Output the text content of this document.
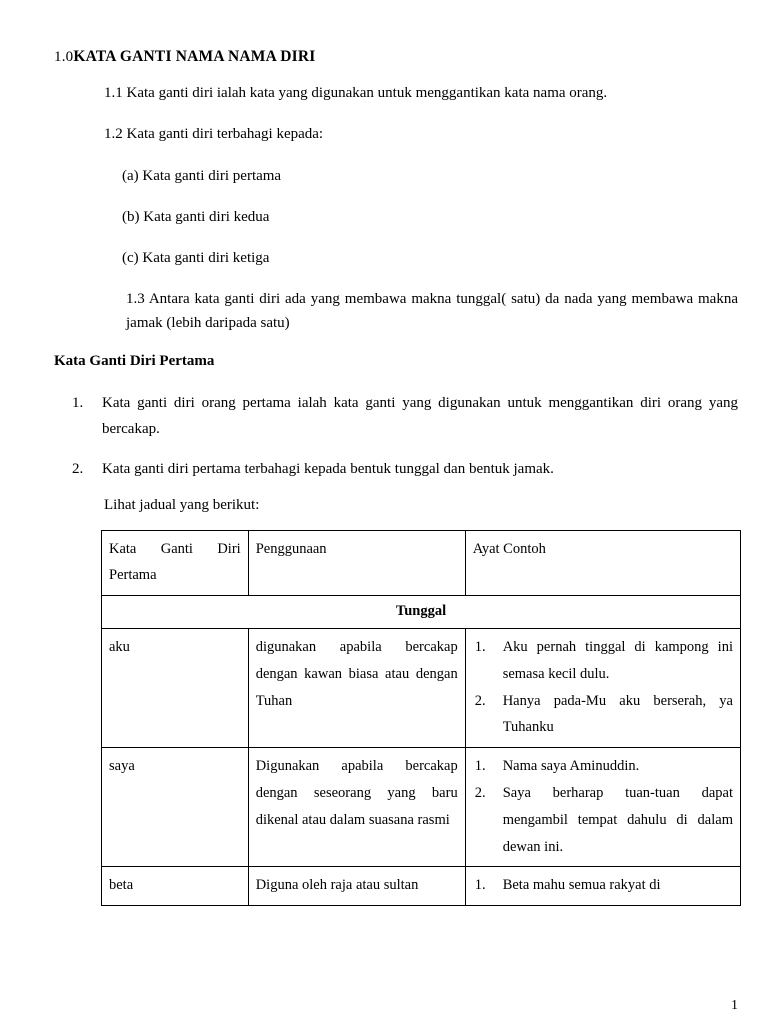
1.0KATA GANTI NAMA NAMA DIRI

1.1 Kata ganti diri ialah kata yang digunakan untuk menggantikan kata nama orang.

1.2 Kata ganti diri terbahagi kepada:

(a) Kata ganti diri pertama

(b) Kata ganti diri kedua

(c) Kata ganti diri ketiga

1.3 Antara kata ganti diri ada yang membawa makna tunggal( satu) da nada yang membawa makna jamak (lebih daripada satu)

Kata Ganti Diri Pertama
1. Kata ganti diri orang pertama ialah kata ganti yang digunakan untuk menggantikan diri orang yang bercakap.
2. Kata ganti diri pertama terbahagi kepada bentuk tunggal dan bentuk jamak.

Lihat jadual yang berikut:

Kata Ganti Diri Pertama	Penggunaan	Ayat Contoh
Tunggal		
aku	digunakan apabila bercakap dengan kawan biasa atau dengan Tuhan	
1. Aku pernah tinggal di kampong ini semasa kecil dulu.
2. Hanya pada-Mu aku berserah, ya Tuhanku

saya	Digunakan apabila bercakap dengan seseorang yang baru dikenal atau dalam suasana rasmi	
1. Nama saya Aminuddin.
2. Saya berharap tuan-tuan dapat mengambil tempat dahulu di dalam dewan ini.

beta	Diguna oleh raja atau sultan	1. Beta mahu semua rakyat di
1
